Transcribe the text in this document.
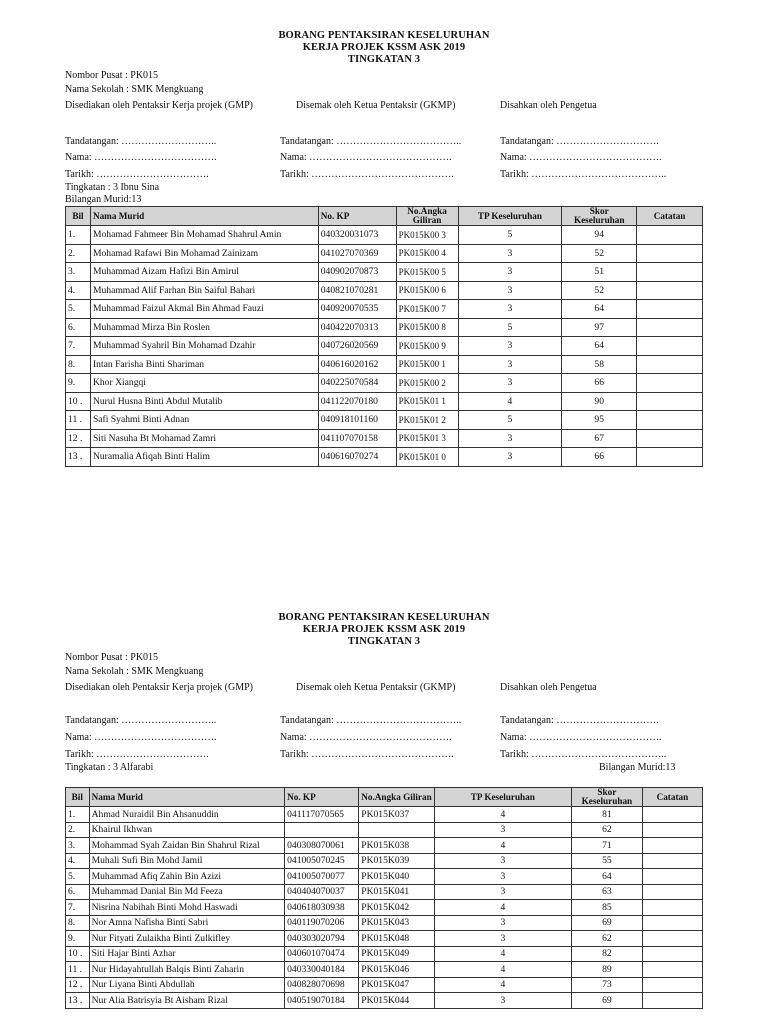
BORANG PENTAKSIRAN KESELURUHAN
KERJA PROJEK KSSM ASK 2019
TINGKATAN 3
Nombor Pusat : PK015
Nama Sekolah : SMK Mengkuang
Disediakan oleh Pentaksir Kerja projek (GMP)	Disemak oleh Ketua Pentaksir (GKMP)	Disahkan oleh Pengetua
Tandatangan: ………………………..
Nama: ……………………………….
Tarikh: …………………………….
Tandatangan: ………………………………..
Nama: …………………………………….
Tarikh: …………………………………….
Tandatangan: ………………………….
Nama: ………………………………….
Tarikh: …………………………………..
Tingkatan : 3 Ibnu Sina
Bilangan Murid:13
Bil	Nama Murid	No. KP	No.Angka Giliran	TP Keseluruhan	Skor Keseluruhan	Catatan
1.	Mohamad Fahmeer Bin Mohamad Shahrul Amin	040320031073	PK015K00 3	5	94	
2.	Mohamad Rafawi Bin Mohamad Zainizam	041027070369	PK015K00 4	3	52	
3.	Muhammad Aizam Hafizi Bin Amirul	040902070873	PK015K00 5	3	51	
4.	Muhammad Alif Farhan Bin Saiful Bahari	040821070281	PK015K00 6	3	52	
5.	Muhammad Faizul Akmal Bin Ahmad Fauzi	040920070535	PK015K00 7	3	64	
6.	Muhammad Mirza Bin Roslen	040422070313	PK015K00 8	5	97	
7.	Muhammad Syahril Bin Mohamad Dzahir	040726020569	PK015K00 9	3	64	
8.	Intan Farisha Binti Shariman	040616020162	PK015K00 1	3	58	
9.	Khor Xiangqi	040225070584	PK015K00 2	3	66	
10 .	Nurul Husna Binti Abdul Mutalib	041122070180	PK015K01 1	4	90	
11 .	Safi Syahmi Binti Adnan	040918101160	PK015K01 2	5	95	
12 .	Siti Nasuha Bt Mohamad Zamri	041107070158	PK015K01 3	3	67	
13 .	Nuramalia Afiqah Binti Halim	040616070274	PK015K01 0	3	66	
BORANG PENTAKSIRAN KESELURUHAN
KERJA PROJEK KSSM ASK 2019
TINGKATAN 3
Nombor Pusat : PK015
Nama Sekolah : SMK Mengkuang
Disediakan oleh Pentaksir Kerja projek (GMP)	Disemak oleh Ketua Pentaksir (GKMP)	Disahkan oleh Pengetua
Tandatangan: ………………………..
Nama: ……………………………….
Tarikh: …………………………….
Tandatangan: ………………………………..
Nama: …………………………………….
Tarikh: …………………………………….
Tandatangan: ………………………….
Nama: ………………………………….
Tarikh: …………………………………..
Tingkatan : 3 Alfarabi	Bilangan Murid:13
Bil	Nama Murid	No. KP	No.Angka Giliran	TP Keseluruhan	Skor Keseluruhan	Catatan
1.	Ahmad Nuraidil Bin Ahsanuddin	041117070565	PK015K037	4	81	
2.	Khairul Ikhwan			3	62	
3.	Mohammad Syah Zaidan Bin Shahrul Rizal	040308070061	PK015K038	4	71	
4.	Muhali Sufi Bin Mohd Jamil	041005070245	PK015K039	3	55	
5.	Muhammad Afiq Zahin Bin Azizi	041005070077	PK015K040	3	64	
6.	Muhammad Danial Bin Md Feeza	040404070037	PK015K041	3	63	
7.	Nisrina Nabihah Binti Mohd Haswadi	040618030938	PK015K042	4	85	
8.	Nor Amna Nafisha Binti Sabri	040119070206	PK015K043	3	69	
9.	Nur Fityati Zulaikha Binti Zulkifley	040303020794	PK015K048	3	62	
10 .	Siti Hajar Binti Azhar	040601070474	PK015K049	4	82	
11 .	Nur Hidayahtullah Balqis Binti Zaharin	040330040184	PK015K046	4	89	
12 .	Nur Liyana Binti Abdullah	040828070698	PK015K047	4	73	
13 .	Nur Alia Batrisyia Bt Aisham Rizal	040519070184	PK015K044	3	69	
